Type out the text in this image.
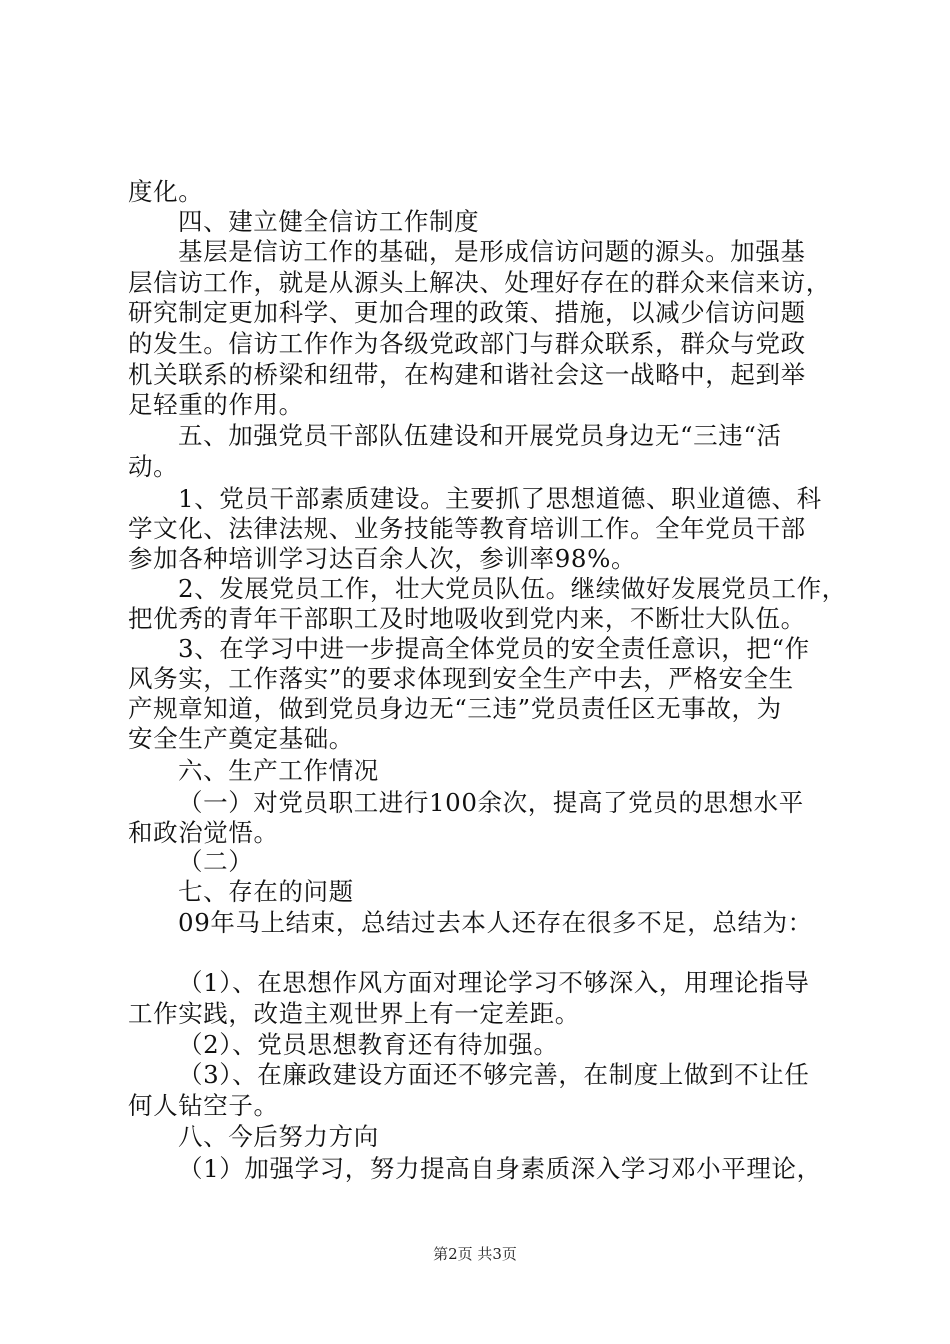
度化。
四、建立健全信访工作制度
基层是信访工作的基础，是形成信访问题的源头。加强基
层信访工作，就是从源头上解决、处理好存在的群众来信来访，
研究制定更加科学、更加合理的政策、措施，以减少信访问题
的发生。信访工作作为各级党政部门与群众联系，群众与党政
机关联系的桥梁和纽带，在构建和谐社会这一战略中，起到举
足轻重的作用。
五、加强党员干部队伍建设和开展党员身边无“三违“活
动。
1、党员干部素质建设。主要抓了思想道德、职业道德、科
学文化、法律法规、业务技能等教育培训工作。全年党员干部
参加各种培训学习达百余人次，参训率98%。
2、发展党员工作，壮大党员队伍。继续做好发展党员工作，
把优秀的青年干部职工及时地吸收到党内来，不断壮大队伍。
3、在学习中进一步提高全体党员的安全责任意识，把“作
风务实，工作落实”的要求体现到安全生产中去，严格安全生
产规章知道，做到党员身边无“三违”党员责任区无事故，为
安全生产奠定基础。
六、生产工作情况
（一）对党员职工进行100余次，提高了党员的思想水平
和政治觉悟。
（二）
七、存在的问题
09年马上结束，总结过去本人还存在很多不足，总结为：
（1）、在思想作风方面对理论学习不够深入，用理论指导
工作实践，改造主观世界上有一定差距。
（2）、党员思想教育还有待加强。
（3）、在廉政建设方面还不够完善，在制度上做到不让任
何人钻空子。
八、今后努力方向
（1）加强学习，努力提高自身素质深入学习邓小平理论，
第2页 共3页
